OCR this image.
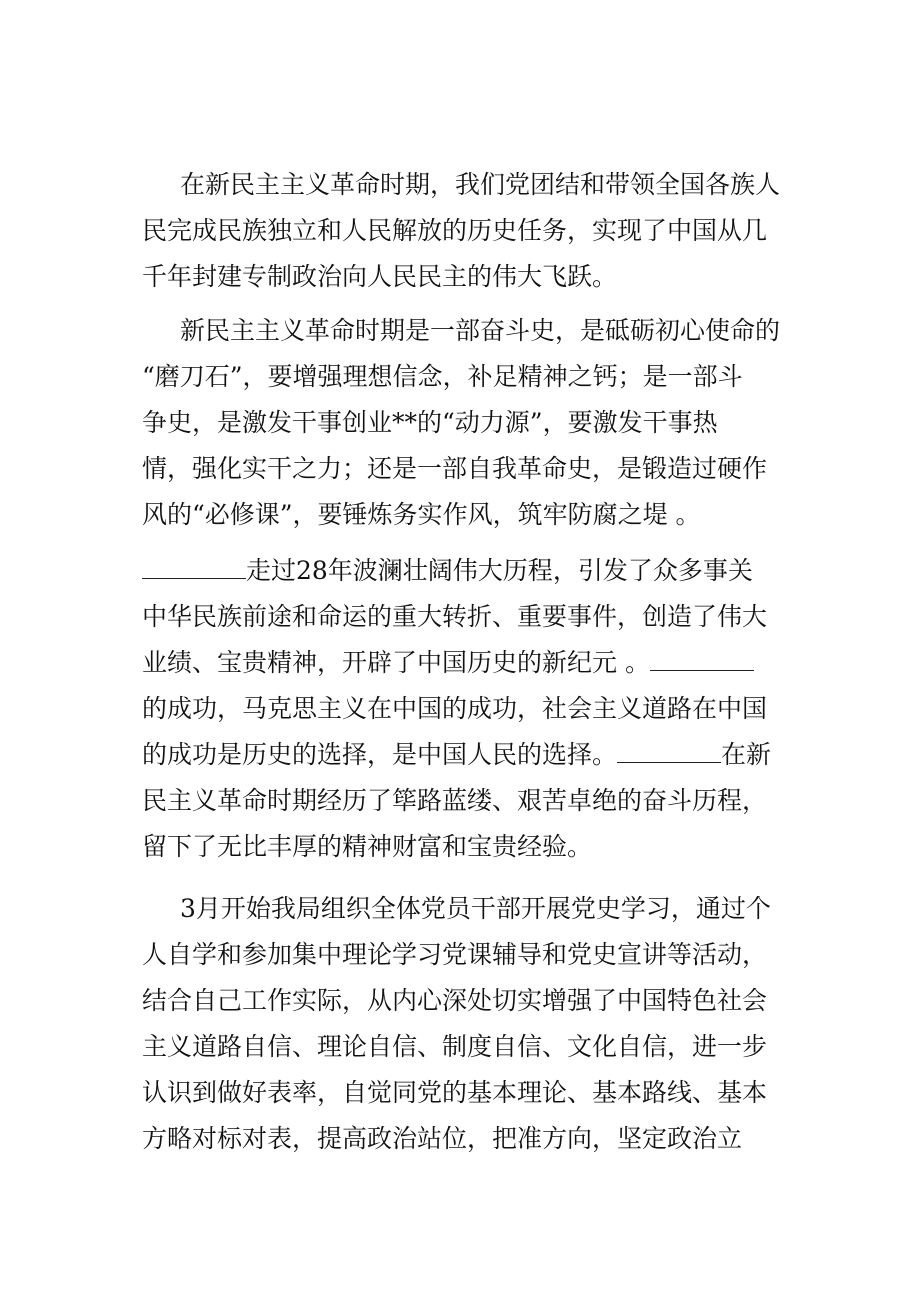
在新民主主义革命时期，我们党团结和带领全国各族人
民完成民族独立和人民解放的历史任务，实现了中国从几
千年封建专制政治向人民民主的伟大飞跃。

新民主主义革命时期是一部奋斗史，是砥砺初心使命的
“磨刀石”，要增强理想信念，补足精神之钙；是一部斗
争史，是激发干事创业**的“动力源”，要激发干事热
情，强化实干之力；还是一部自我革命史，是锻造过硬作
风的“必修课”，要锤炼务实作风，筑牢防腐之堤 。

走过28年波澜壮阔伟大历程，引发了众多事关
中华民族前途和命运的重大转折、重要事件，创造了伟大
业绩、宝贵精神，开辟了中国历史的新纪元 。
的成功，马克思主义在中国的成功，社会主义道路在中国
的成功是历史的选择，是中国人民的选择。	在新
民主义革命时期经历了筚路蓝缕、艰苦卓绝的奋斗历程，
留下了无比丰厚的精神财富和宝贵经验。

3月开始我局组织全体党员干部开展党史学习，通过个
人自学和参加集中理论学习党课辅导和党史宣讲等活动，
结合自己工作实际，从内心深处切实增强了中国特色社会
主义道路自信、理论自信、制度自信、文化自信，进一步
认识到做好表率，自觉同党的基本理论、基本路线、基本
方略对标对表，提高政治站位，把准方向，坚定政治立
